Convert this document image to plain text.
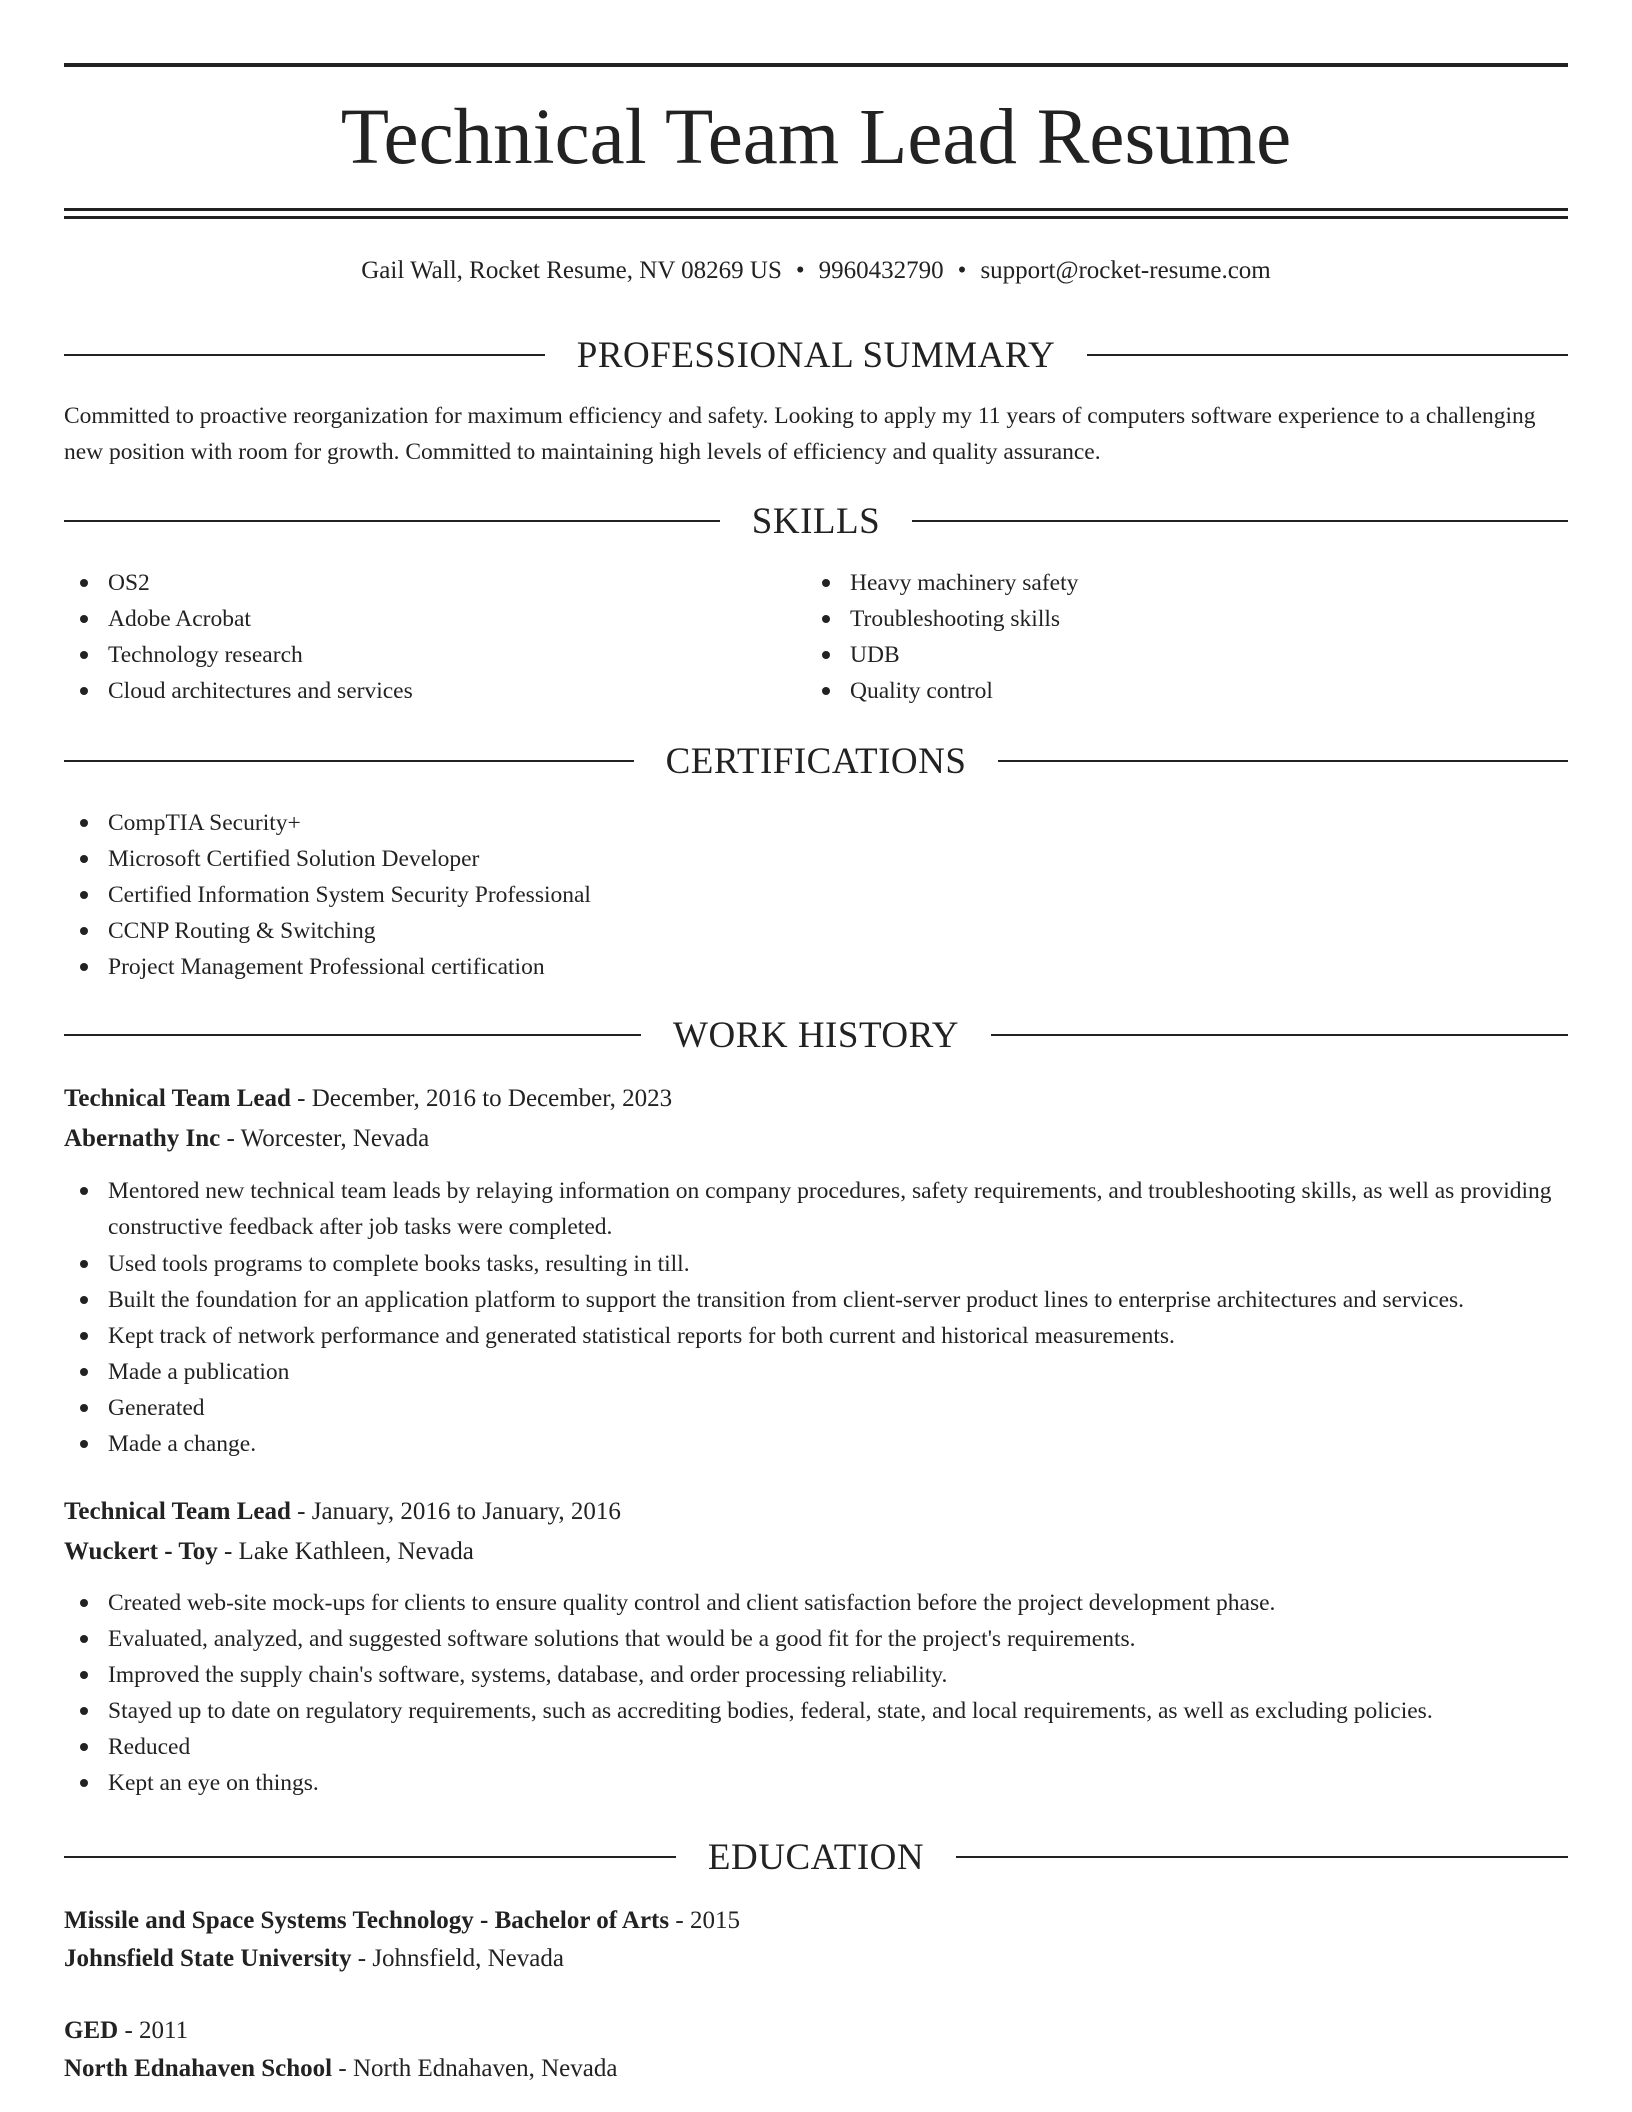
Technical Team Lead Resume
Gail Wall, Rocket Resume, NV 08269 US • 9960432790 • support@rocket-resume.com
PROFESSIONAL SUMMARY
Committed to proactive reorganization for maximum efficiency and safety. Looking to apply my 11 years of computers software experience to a challenging new position with room for growth. Committed to maintaining high levels of efficiency and quality assurance.
SKILLS
OS2
Adobe Acrobat
Technology research
Cloud architectures and services
Heavy machinery safety
Troubleshooting skills
UDB
Quality control
CERTIFICATIONS
CompTIA Security+
Microsoft Certified Solution Developer
Certified Information System Security Professional
CCNP Routing & Switching
Project Management Professional certification
WORK HISTORY
Technical Team Lead - December, 2016 to December, 2023
Abernathy Inc - Worcester, Nevada
Mentored new technical team leads by relaying information on company procedures, safety requirements, and troubleshooting skills, as well as providing constructive feedback after job tasks were completed.
Used tools programs to complete books tasks, resulting in till.
Built the foundation for an application platform to support the transition from client-server product lines to enterprise architectures and services.
Kept track of network performance and generated statistical reports for both current and historical measurements.
Made a publication
Generated
Made a change.
Technical Team Lead - January, 2016 to January, 2016
Wuckert - Toy - Lake Kathleen, Nevada
Created web-site mock-ups for clients to ensure quality control and client satisfaction before the project development phase.
Evaluated, analyzed, and suggested software solutions that would be a good fit for the project's requirements.
Improved the supply chain's software, systems, database, and order processing reliability.
Stayed up to date on regulatory requirements, such as accrediting bodies, federal, state, and local requirements, as well as excluding policies.
Reduced
Kept an eye on things.
EDUCATION
Missile and Space Systems Technology - Bachelor of Arts - 2015
Johnsfield State University - Johnsfield, Nevada
GED - 2011
North Ednahaven School - North Ednahaven, Nevada
